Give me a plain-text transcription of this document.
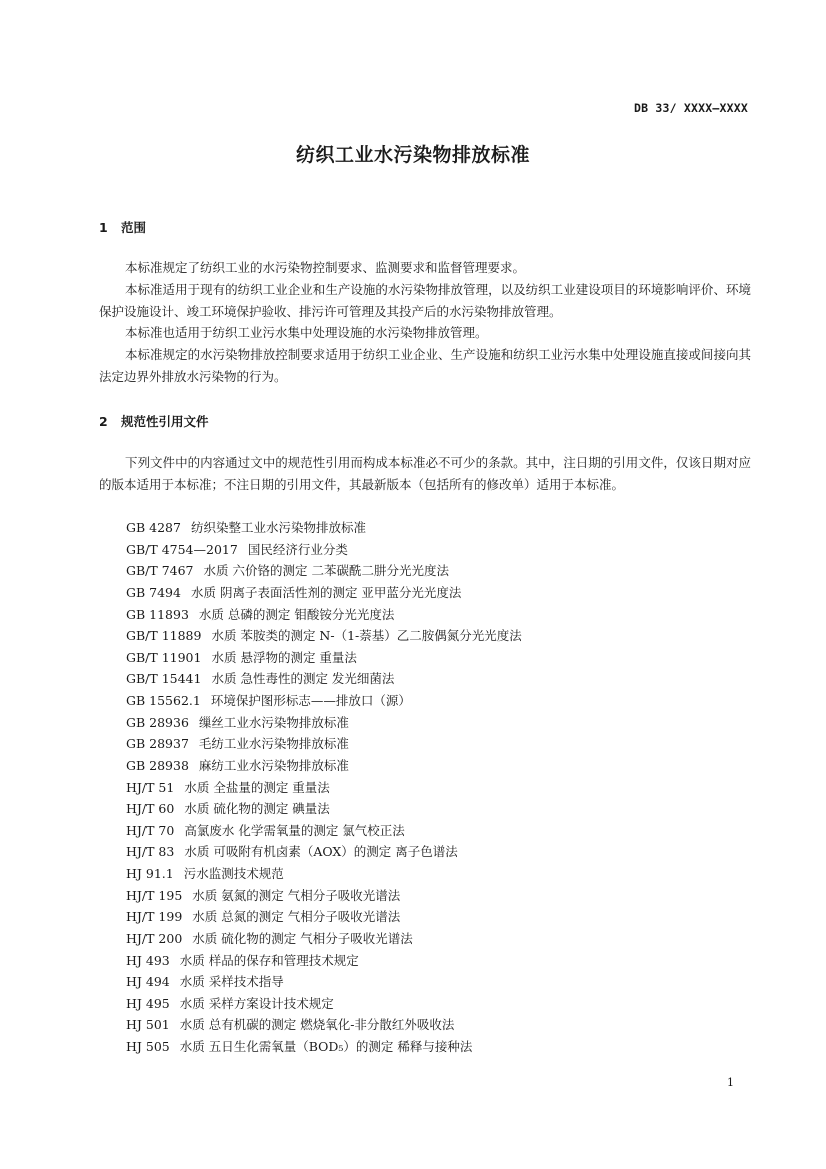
DB 33/ XXXX—XXXX
纺织工业水污染物排放标准
1 范围

本标准规定了纺织工业的水污染物控制要求、监测要求和监督管理要求。

本标准适用于现有的纺织工业企业和生产设施的水污染物排放管理，以及纺织工业建设项目的环境影响评价、环境保护设施设计、竣工环境保护验收、排污许可管理及其投产后的水污染物排放管理。

本标准也适用于纺织工业污水集中处理设施的水污染物排放管理。

本标准规定的水污染物排放控制要求适用于纺织工业企业、生产设施和纺织工业污水集中处理设施直接或间接向其法定边界外排放水污染物的行为。

2 规范性引用文件

下列文件中的内容通过文中的规范性引用而构成本标准必不可少的条款。其中，注日期的引用文件，仅该日期对应的版本适用于本标准；不注日期的引用文件，其最新版本（包括所有的修改单）适用于本标准。

GB 4287 纺织染整工业水污染物排放标准
GB/T 4754—2017 国民经济行业分类
GB/T 7467 水质 六价铬的测定 二苯碳酰二肼分光光度法
GB 7494 水质 阴离子表面活性剂的测定 亚甲蓝分光光度法
GB 11893 水质 总磷的测定 钼酸铵分光光度法
GB/T 11889 水质 苯胺类的测定 N-（1-萘基）乙二胺偶氮分光光度法
GB/T 11901 水质 悬浮物的测定 重量法
GB/T 15441 水质 急性毒性的测定 发光细菌法
GB 15562.1 环境保护图形标志——排放口（源）
GB 28936 缫丝工业水污染物排放标准
GB 28937 毛纺工业水污染物排放标准
GB 28938 麻纺工业水污染物排放标准
HJ/T 51 水质 全盐量的测定 重量法
HJ/T 60 水质 硫化物的测定 碘量法
HJ/T 70 高氯废水 化学需氧量的测定 氯气校正法
HJ/T 83 水质 可吸附有机卤素（AOX）的测定 离子色谱法
HJ 91.1 污水监测技术规范
HJ/T 195 水质 氨氮的测定 气相分子吸收光谱法
HJ/T 199 水质 总氮的测定 气相分子吸收光谱法
HJ/T 200 水质 硫化物的测定 气相分子吸收光谱法
HJ 493 水质 样品的保存和管理技术规定
HJ 494 水质 采样技术指导
HJ 495 水质 采样方案设计技术规定
HJ 501 水质 总有机碳的测定 燃烧氧化-非分散红外吸收法
HJ 505 水质 五日生化需氧量（BOD₅）的测定 稀释与接种法
1
